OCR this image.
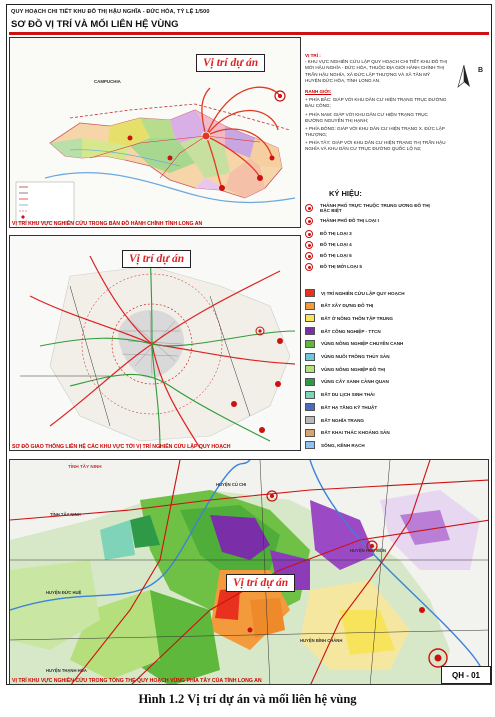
QUY HOẠCH CHI TIẾT KHU ĐÔ THỊ HẬU NGHĨA - ĐỨC HÒA, TỶ LỆ 1/500
SƠ ĐỒ VỊ TRÍ VÀ MỐI LIÊN HỆ VÙNG
CAMPUCHIA
Vị trí dự án
VỊ TRÍ KHU VỰC NGHIÊN CỨU TRONG BẢN ĐỒ HÀNH CHÍNH TỈNH LONG AN
Vị trí dự án
SƠ ĐỒ GIAO THÔNG LIÊN HỆ CÁC KHU VỰC TỚI VỊ TRÍ NGHIÊN CỨU LẬP QUY HOẠCH
TỈNH TÂY NINH
TỈNH TÂY NINH
HUYỆN CỦ CHI
HUYỆN HÓC MÔN
HUYỆN ĐỨC HUỆ
HUYỆN THẠNH HÓA
HUYỆN BÌNH CHÁNH
Vị trí dự án
VỊ TRÍ KHU VỰC NGHIÊN CỨU TRONG TỔNG THỂ QUY HOẠCH VÙNG PHÍA TÂY CỦA TỈNH LONG AN
VỊ TRÍ :
- KHU VỰC NGHIÊN CỨU LẬP QUY HOẠCH CHI TIẾT KHU ĐÔ THỊ MỚI HẬU NGHĨA - ĐỨC HÒA, THUỘC ĐỊA GIỚI HÀNH CHÍNH THỊ TRẤN HẬU NGHĨA, XÃ ĐỨC LẬP THƯỢNG VÀ XÃ TÂN MỸ HUYỆN ĐỨC HÒA, TỈNH LONG AN.
RANH GIỚI:
+ PHÍA BẮC: GIÁP VỚI KHU DÂN CƯ HIỆN TRẠNG TRỤC ĐƯỜNG BÀU CÔNG;
+ PHÍA NAM: GIÁP VỚI KHU DÂN CƯ HIỆN TRẠNG TRỤC ĐƯỜNG NGUYỄN THỊ HẠNH;
+ PHÍA ĐÔNG: GIÁP VỚI KHU DÂN CƯ HIỆN TRẠNG X. ĐỨC LẬP THƯỢNG;
+ PHÍA TÂY: GIÁP VỚI KHU DÂN CƯ HIỆN TRẠNG THỊ TRẤN HẬU NGHĨA VÀ KHU DÂN CƯ TRỤC ĐƯỜNG QUỐC LỘ N2;
B
KÝ HIỆU:
THÀNH PHỐ TRỰC THUỘC TRUNG ƯƠNG ĐÔ THỊ ĐẶC BIỆT
THÀNH PHỐ ĐÔ THỊ LOẠI I
ĐÔ THỊ LOẠI 3
ĐÔ THỊ LOẠI 4
ĐÔ THỊ LOẠI 5
ĐÔ THỊ MỚI LOẠI 5
VỊ TRÍ NGHIÊN CỨU LẬP QUY HOẠCH
ĐẤT XÂY DỰNG ĐÔ THỊ
ĐẤT Ở NÔNG THÔN TẬP TRUNG
ĐẤT CÔNG NGHIỆP - TTCN
VÙNG NÔNG NGHIỆP CHUYÊN CANH
VÙNG NUÔI TRỒNG THỦY SẢN
VÙNG NÔNG NGHIỆP ĐÔ THỊ
VÙNG CÂY XANH CẢNH QUAN
ĐẤT DU LỊCH SINH THÁI
ĐẤT HẠ TẦNG KỸ THUẬT
ĐẤT NGHĨA TRANG
ĐẤT KHAI THÁC KHOÁNG SẢN
SÔNG, KÊNH RẠCH
QH - 01
Hình 1.2 Vị trí dự án và mối liên hệ vùng
